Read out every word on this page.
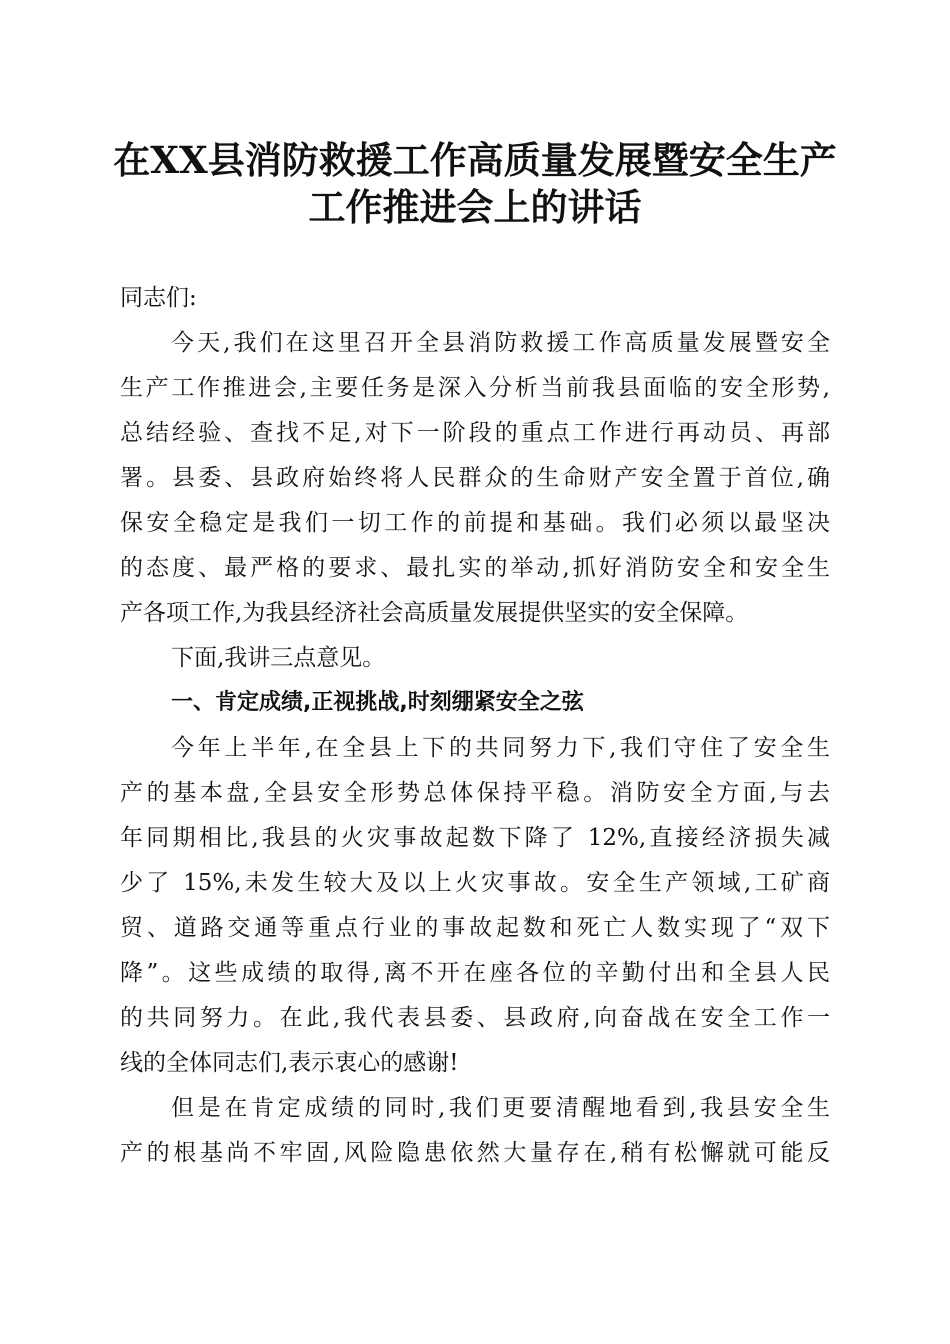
在XX县消防救援工作高质量发展暨安全生产
工作推进会上的讲话
同志们:
今天,我们在这里召开全县消防救援工作高质量发展暨安全
生产工作推进会,主要任务是深入分析当前我县面临的安全形势,
总结经验、查找不足,对下一阶段的重点工作进行再动员、再部
署。县委、县政府始终将人民群众的生命财产安全置于首位,确
保安全稳定是我们一切工作的前提和基础。我们必须以最坚决
的态度、最严格的要求、最扎实的举动,抓好消防安全和安全生
产各项工作,为我县经济社会高质量发展提供坚实的安全保障。
下面,我讲三点意见。
一、肯定成绩,正视挑战,时刻绷紧安全之弦
今年上半年,在全县上下的共同努力下,我们守住了安全生
产的基本盘,全县安全形势总体保持平稳。消防安全方面,与去
年同期相比,我县的火灾事故起数下降了 12%,直接经济损失减
少了 15%,未发生较大及以上火灾事故。安全生产领域,工矿商
贸、道路交通等重点行业的事故起数和死亡人数实现了“双下
降”。这些成绩的取得,离不开在座各位的辛勤付出和全县人民
的共同努力。在此,我代表县委、县政府,向奋战在安全工作一
线的全体同志们,表示衷心的感谢!
但是在肯定成绩的同时,我们更要清醒地看到,我县安全生
产的根基尚不牢固,风险隐患依然大量存在,稍有松懈就可能反
